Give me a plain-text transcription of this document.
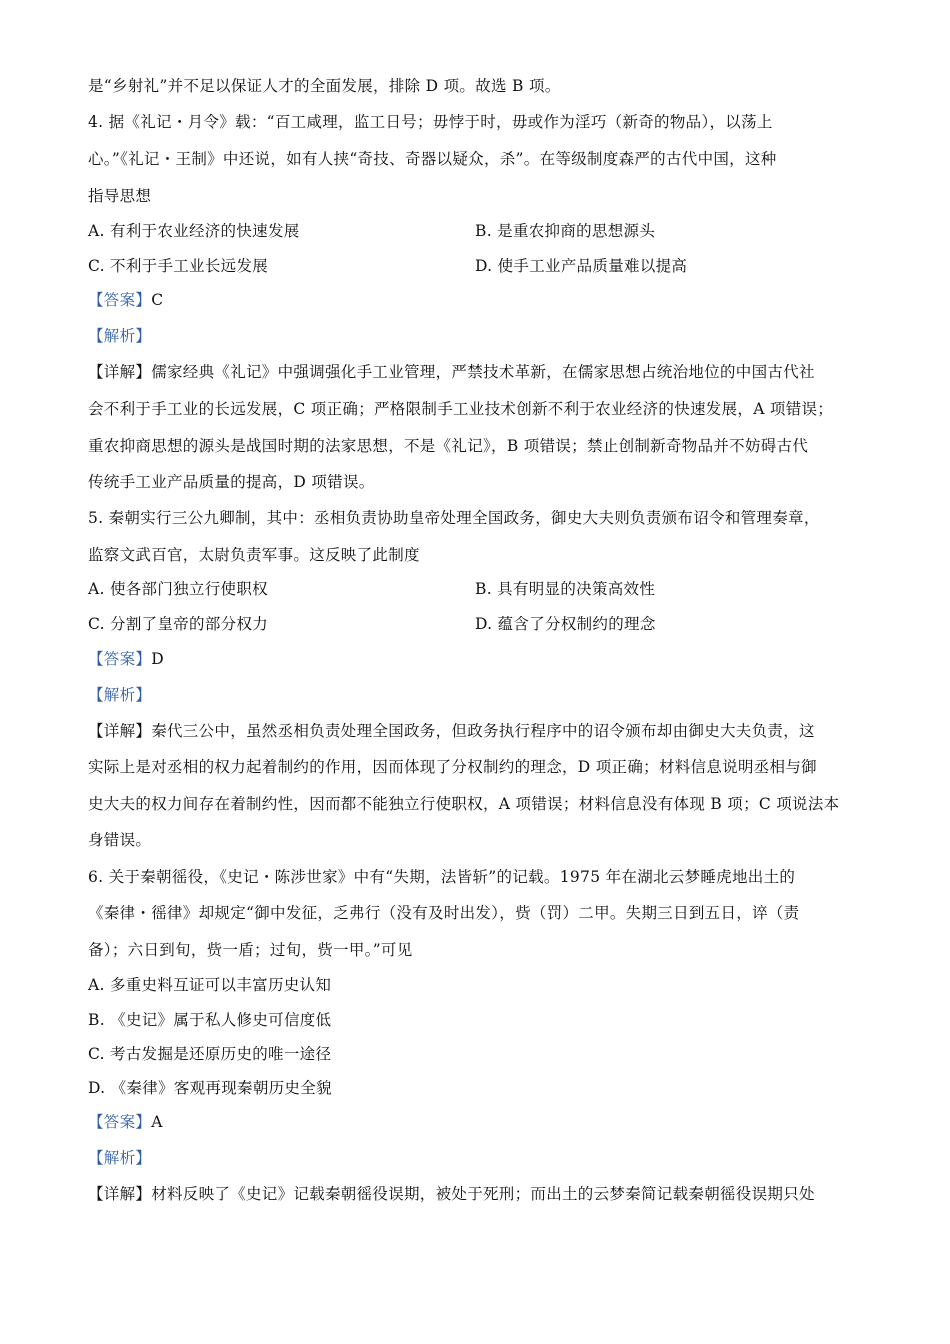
是“乡射礼”并不足以保证人才的全面发展，排除 D 项。故选 B 项。
4. 据《礼记・月令》载：“百工咸理，监工日号；毋悖于时，毋或作为淫巧（新奇的物品），以荡上
心。”《礼记・王制》中还说，如有人挟“奇技、奇器以疑众，杀”。在等级制度森严的古代中国，这种
指导思想
A. 有利于农业经济的快速发展	B. 是重农抑商的思想源头
C. 不利于手工业长远发展	D. 使手工业产品质量难以提高
【答案】C
【解析】
【详解】儒家经典《礼记》中强调强化手工业管理，严禁技术革新，在儒家思想占统治地位的中国古代社
会不利于手工业的长远发展，C 项正确；严格限制手工业技术创新不利于农业经济的快速发展，A 项错误；
重农抑商思想的源头是战国时期的法家思想，不是《礼记》，B 项错误；禁止创制新奇物品并不妨碍古代
传统手工业产品质量的提高，D 项错误。
5. 秦朝实行三公九卿制，其中：丞相负责协助皇帝处理全国政务，御史大夫则负责颁布诏令和管理奏章，
监察文武百官，太尉负责军事。这反映了此制度
A. 使各部门独立行使职权	B. 具有明显的决策高效性
C. 分割了皇帝的部分权力	D. 蕴含了分权制约的理念
【答案】D
【解析】
【详解】秦代三公中，虽然丞相负责处理全国政务，但政务执行程序中的诏令颁布却由御史大夫负责，这
实际上是对丞相的权力起着制约的作用，因而体现了分权制约的理念，D 项正确；材料信息说明丞相与御
史大夫的权力间存在着制约性，因而都不能独立行使职权，A 项错误；材料信息没有体现 B 项；C 项说法本
身错误。
6. 关于秦朝徭役，《史记・陈涉世家》中有“失期，法皆斩”的记载。1975 年在湖北云梦睡虎地出土的
《秦律・徭律》却规定“御中发征，乏弗行（没有及时出发），赀（罚）二甲。失期三日到五日，谇（责
备）；六日到旬，赀一盾；过旬，赀一甲。”可见
A. 多重史料互证可以丰富历史认知
B. 《史记》属于私人修史可信度低
C. 考古发掘是还原历史的唯一途径
D. 《秦律》客观再现秦朝历史全貌
【答案】A
【解析】
【详解】材料反映了《史记》记载秦朝徭役误期，被处于死刑；而出土的云梦秦简记载秦朝徭役误期只处
